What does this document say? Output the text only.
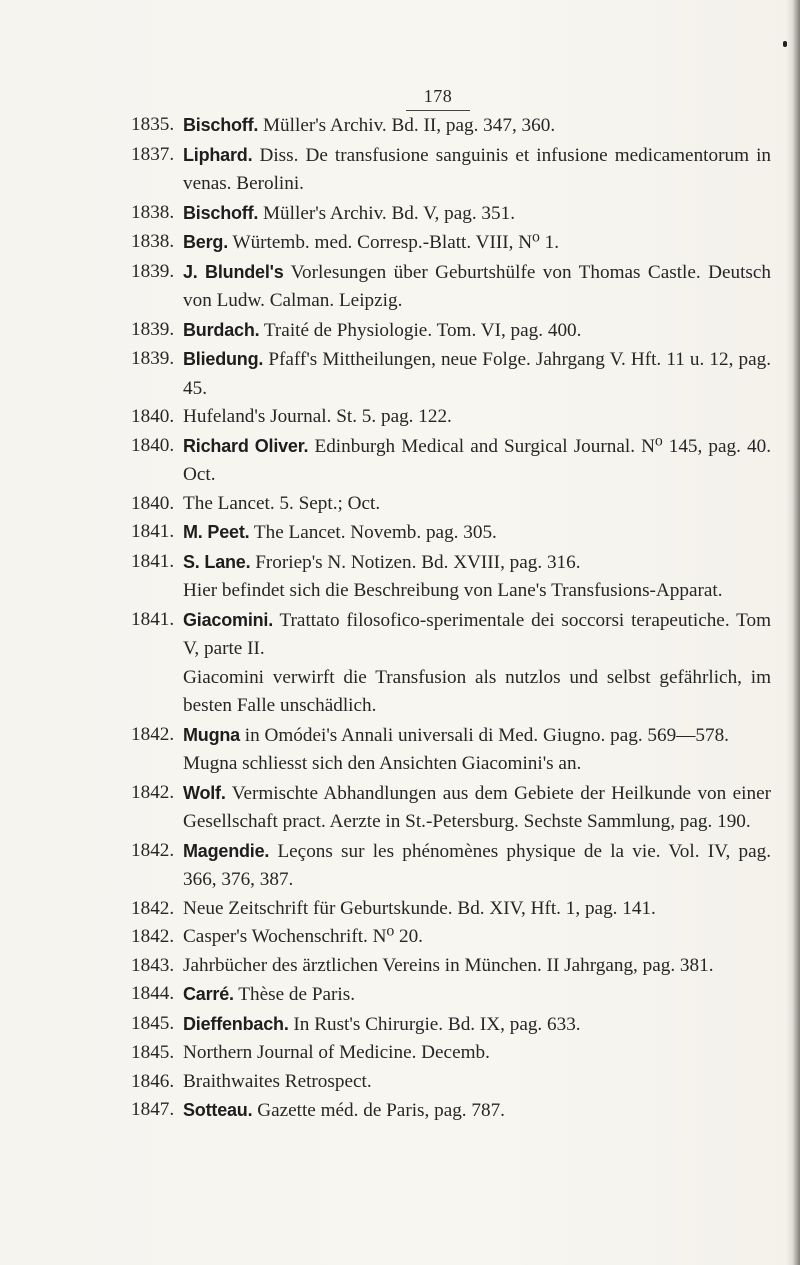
178
1835. Bischoff. Müller's Archiv. Bd. II, pag. 347, 360.
1837. Liphard. Diss. De transfusione sanguinis et infusione medicamentorum in venas. Berolini.
1838. Bischoff. Müller's Archiv. Bd. V, pag. 351.
1838. Berg. Würtemb. med. Corresp.-Blatt. VIII, N⁰ 1.
1839. J. Blundel's Vorlesungen über Geburtshülfe von Thomas Castle. Deutsch von Ludw. Calman. Leipzig.
1839. Burdach. Traité de Physiologie. Tom. VI, pag. 400.
1839. Bliedung. Pfaff's Mittheilungen, neue Folge. Jahrgang V. Hft. 11 u. 12, pag. 45.
1840. Hufeland's Journal. St. 5. pag. 122.
1840. Richard Oliver. Edinburgh Medical and Surgical Journal. N⁰ 145, pag. 40. Oct.
1840. The Lancet. 5. Sept.; Oct.
1841. M. Peet. The Lancet. Novemb. pag. 305.
1841. S. Lane. Froriep's N. Notizen. Bd. XVIII, pag. 316.
Hier befindet sich die Beschreibung von Lane's Transfusions-Apparat.
1841. Giacomini. Trattato filosofico-sperimentale dei soccorsi terapeutiche. Tom V, parte II.
Giacomini verwirft die Transfusion als nutzlos und selbst gefährlich, im besten Falle unschädlich.
1842. Mugna in Omódei's Annali universali di Med. Giugno. pag. 569—578.
Mugna schliesst sich den Ansichten Giacomini's an.
1842. Wolf. Vermischte Abhandlungen aus dem Gebiete der Heilkunde von einer Gesellschaft pract. Aerzte in St.-Petersburg. Sechste Sammlung, pag. 190.
1842. Magendie. Leçons sur les phénomènes physique de la vie. Vol. IV, pag. 366, 376, 387.
1842. Neue Zeitschrift für Geburtskunde. Bd. XIV, Hft. 1, pag. 141.
1842. Casper's Wochenschrift. N⁰ 20.
1843. Jahrbücher des ärztlichen Vereins in München. II Jahrgang, pag. 381.
1844. Carré. Thèse de Paris.
1845. Dieffenbach. In Rust's Chirurgie. Bd. IX, pag. 633.
1845. Northern Journal of Medicine. Decemb.
1846. Braithwaites Retrospect.
1847. Sotteau. Gazette méd. de Paris, pag. 787.
